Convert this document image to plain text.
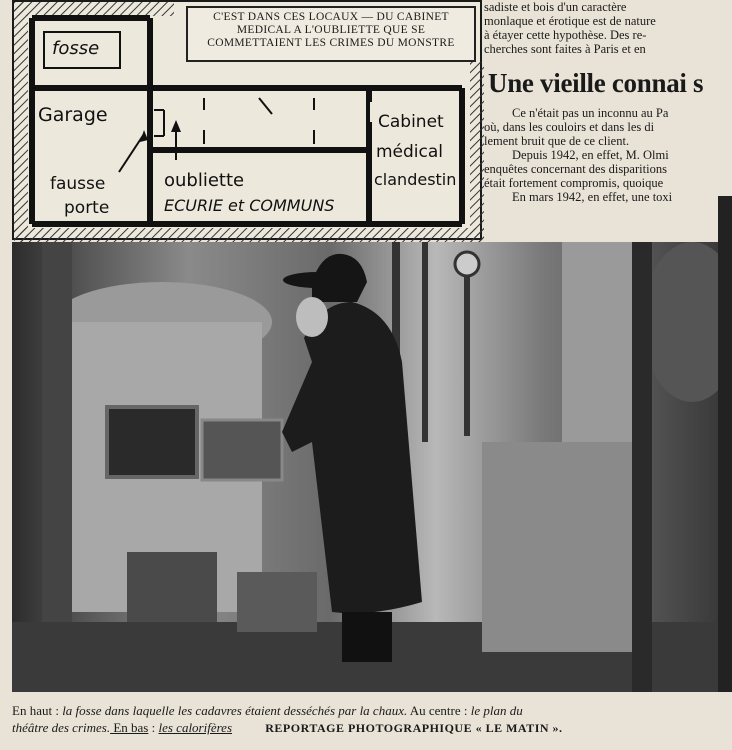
C'EST DANS CES LOCAUX — DU CABINET MEDICAL A L'OUBLIETTE QUE SE COMMETTAIENT LES CRIMES DU MONSTRE
fosse
Garage
fausse
porte
oubliette
ECURIE et COMMUNS
Cabinet
médical
clandestin
sadiste et bois d'un caractère
monlaque et érotique est de nature
à étayer cette hypothèse. Des re-
cherches sont faites à Paris et en
Une vieille connai s
Ce n'était pas un inconnu au Pa
où, dans les couloirs et dans les di
lement bruit que de ce client.
Depuis 1942, en effet, M. Olmi
enquêtes concernant des disparitions
était fortement compromis, quoique
En mars 1942, en effet, une toxi
En haut : la fosse dans laquelle les cadavres étaient desséchés par la chaux. Au centre : le plan du
théâtre des crimes. En bas : les calorifères	REPORTAGE PHOTOGRAPHIQUE « LE MATIN ».
